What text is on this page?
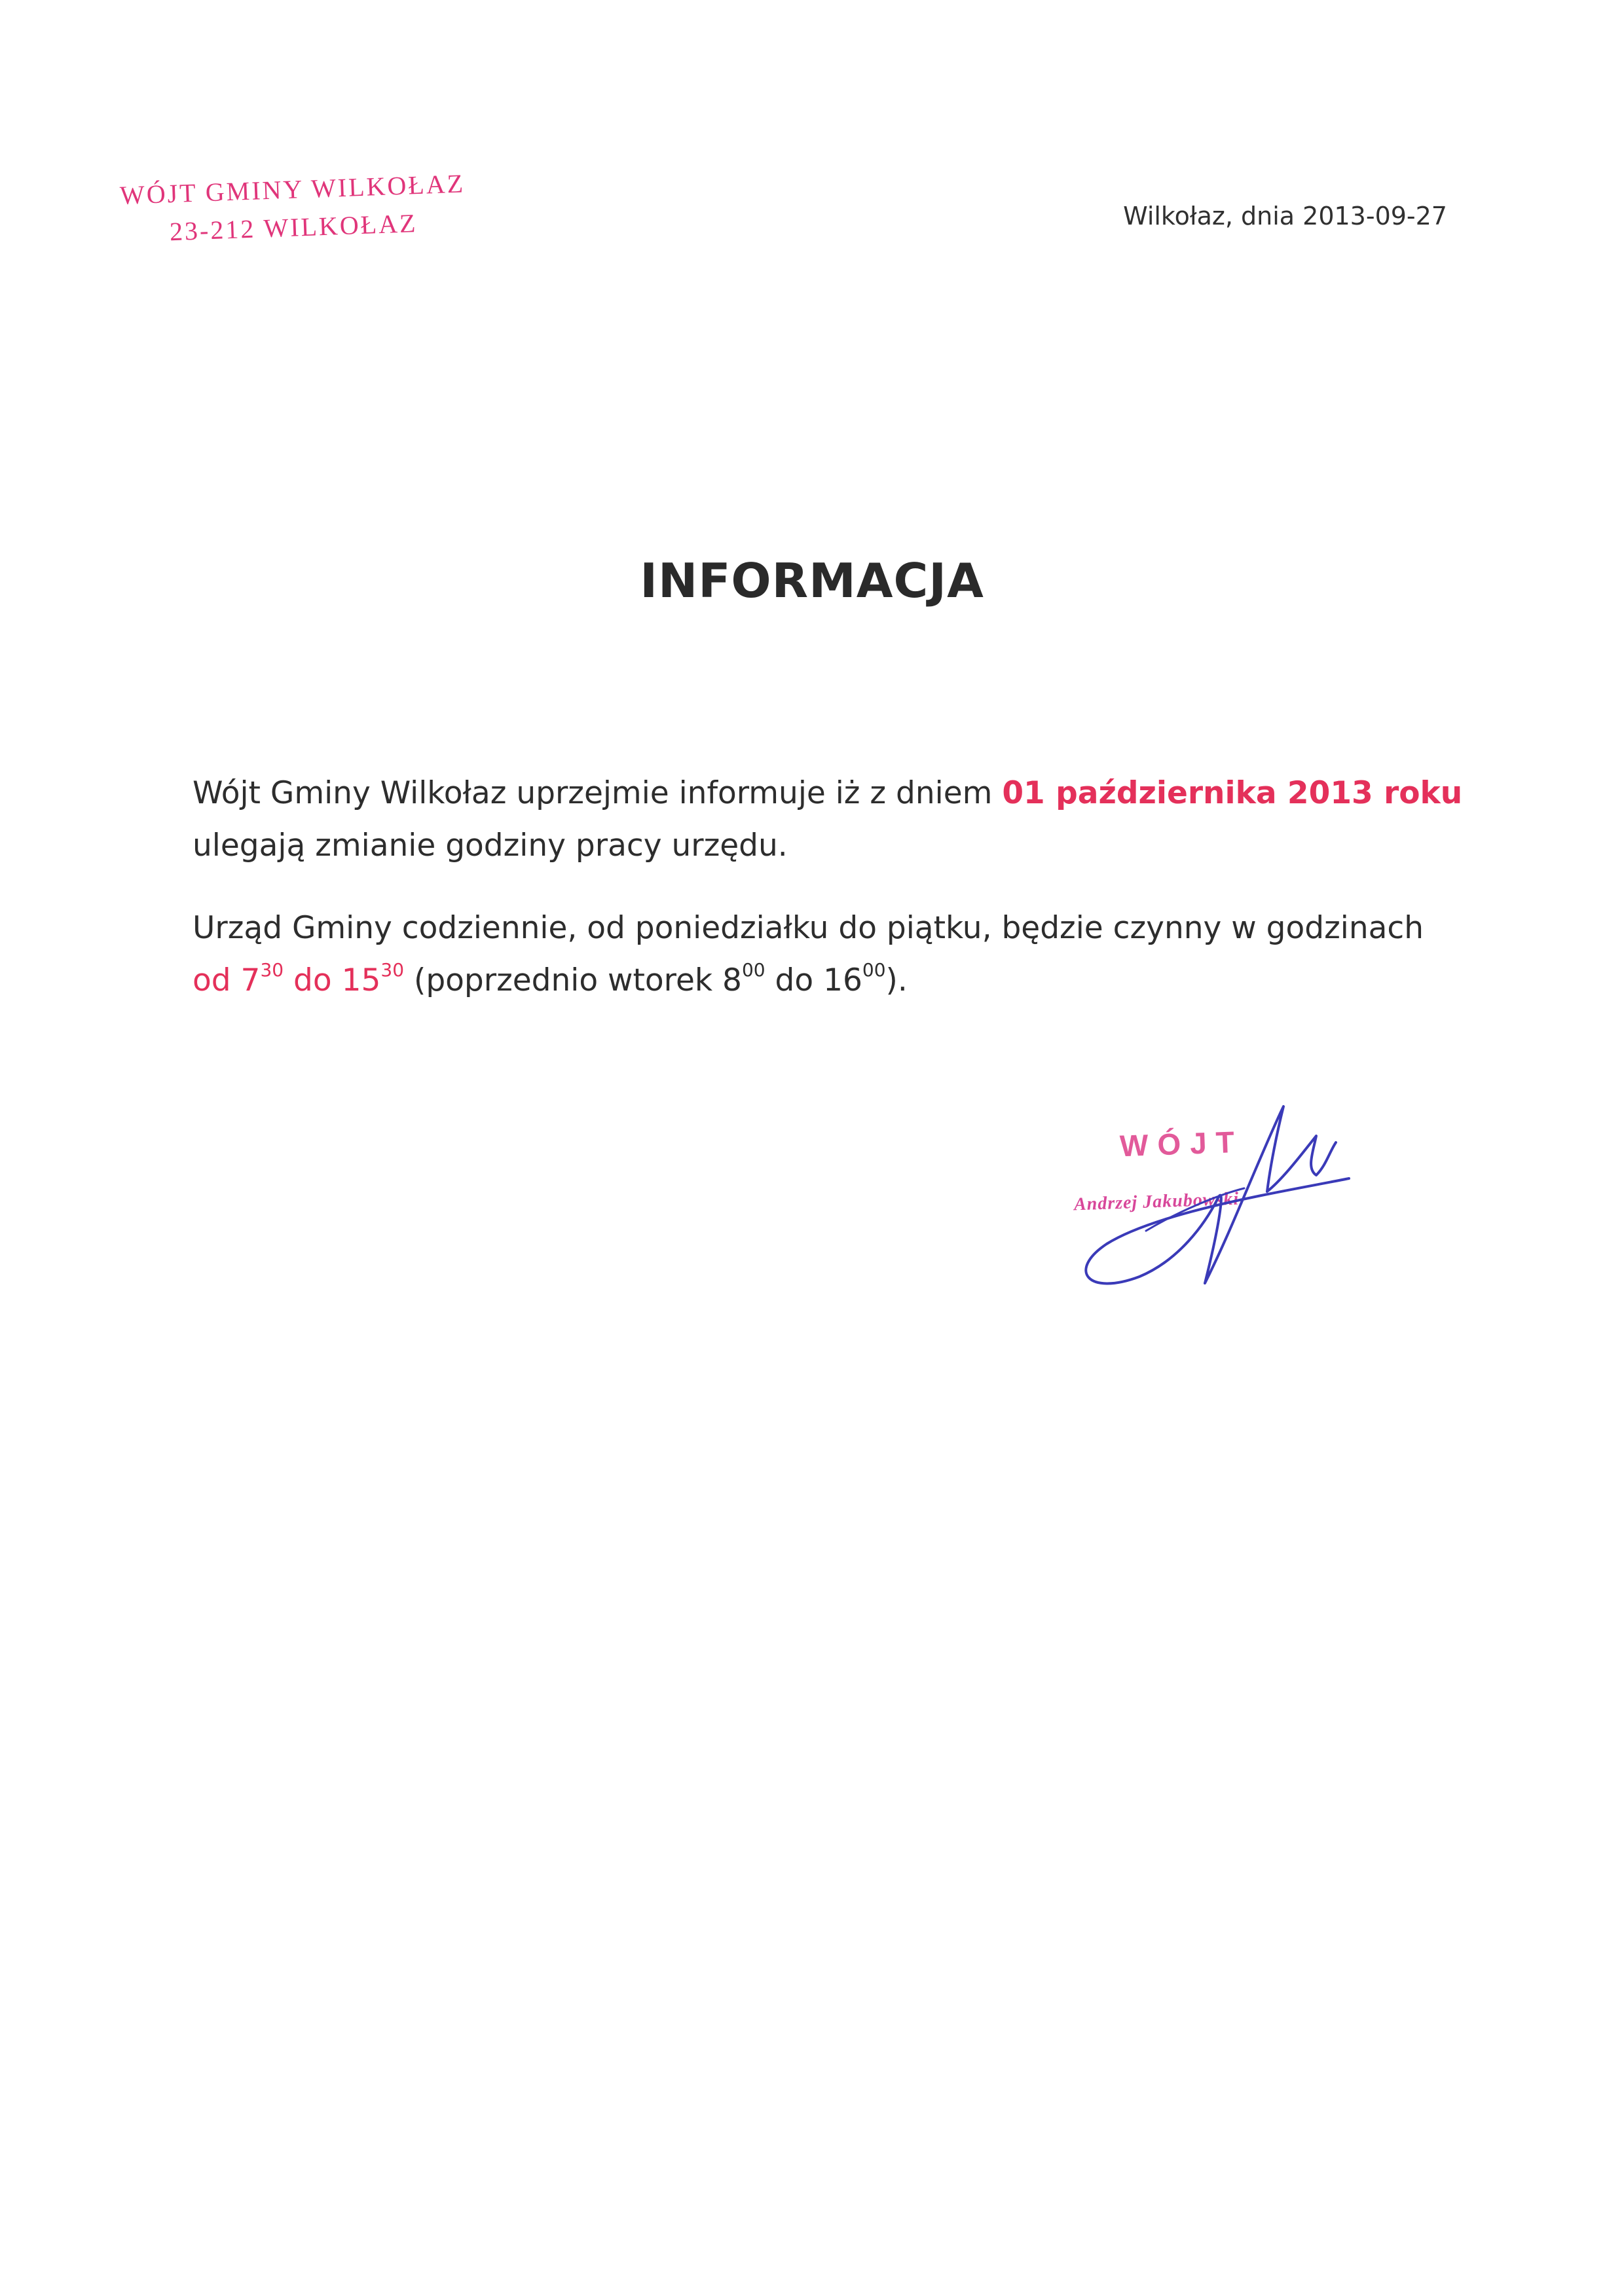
WÓJT GMINY WILKOŁAZ
23-212 WILKOŁAZ	Wilkołaz, dnia 2013-09-27
INFORMACJA

Wójt Gminy Wilkołaz uprzejmie informuje iż z dniem 01 października 2013 roku
ulegają zmianie godziny pracy urzędu.

Urząd Gminy codziennie, od poniedziałku do piątku, będzie czynny w godzinach
od $7^{30}$ do $15^{30}$ (poprzednio wtorek $8^{00}$ do $16^{00}$).

WÓJT
Andrzej Jakubowski
